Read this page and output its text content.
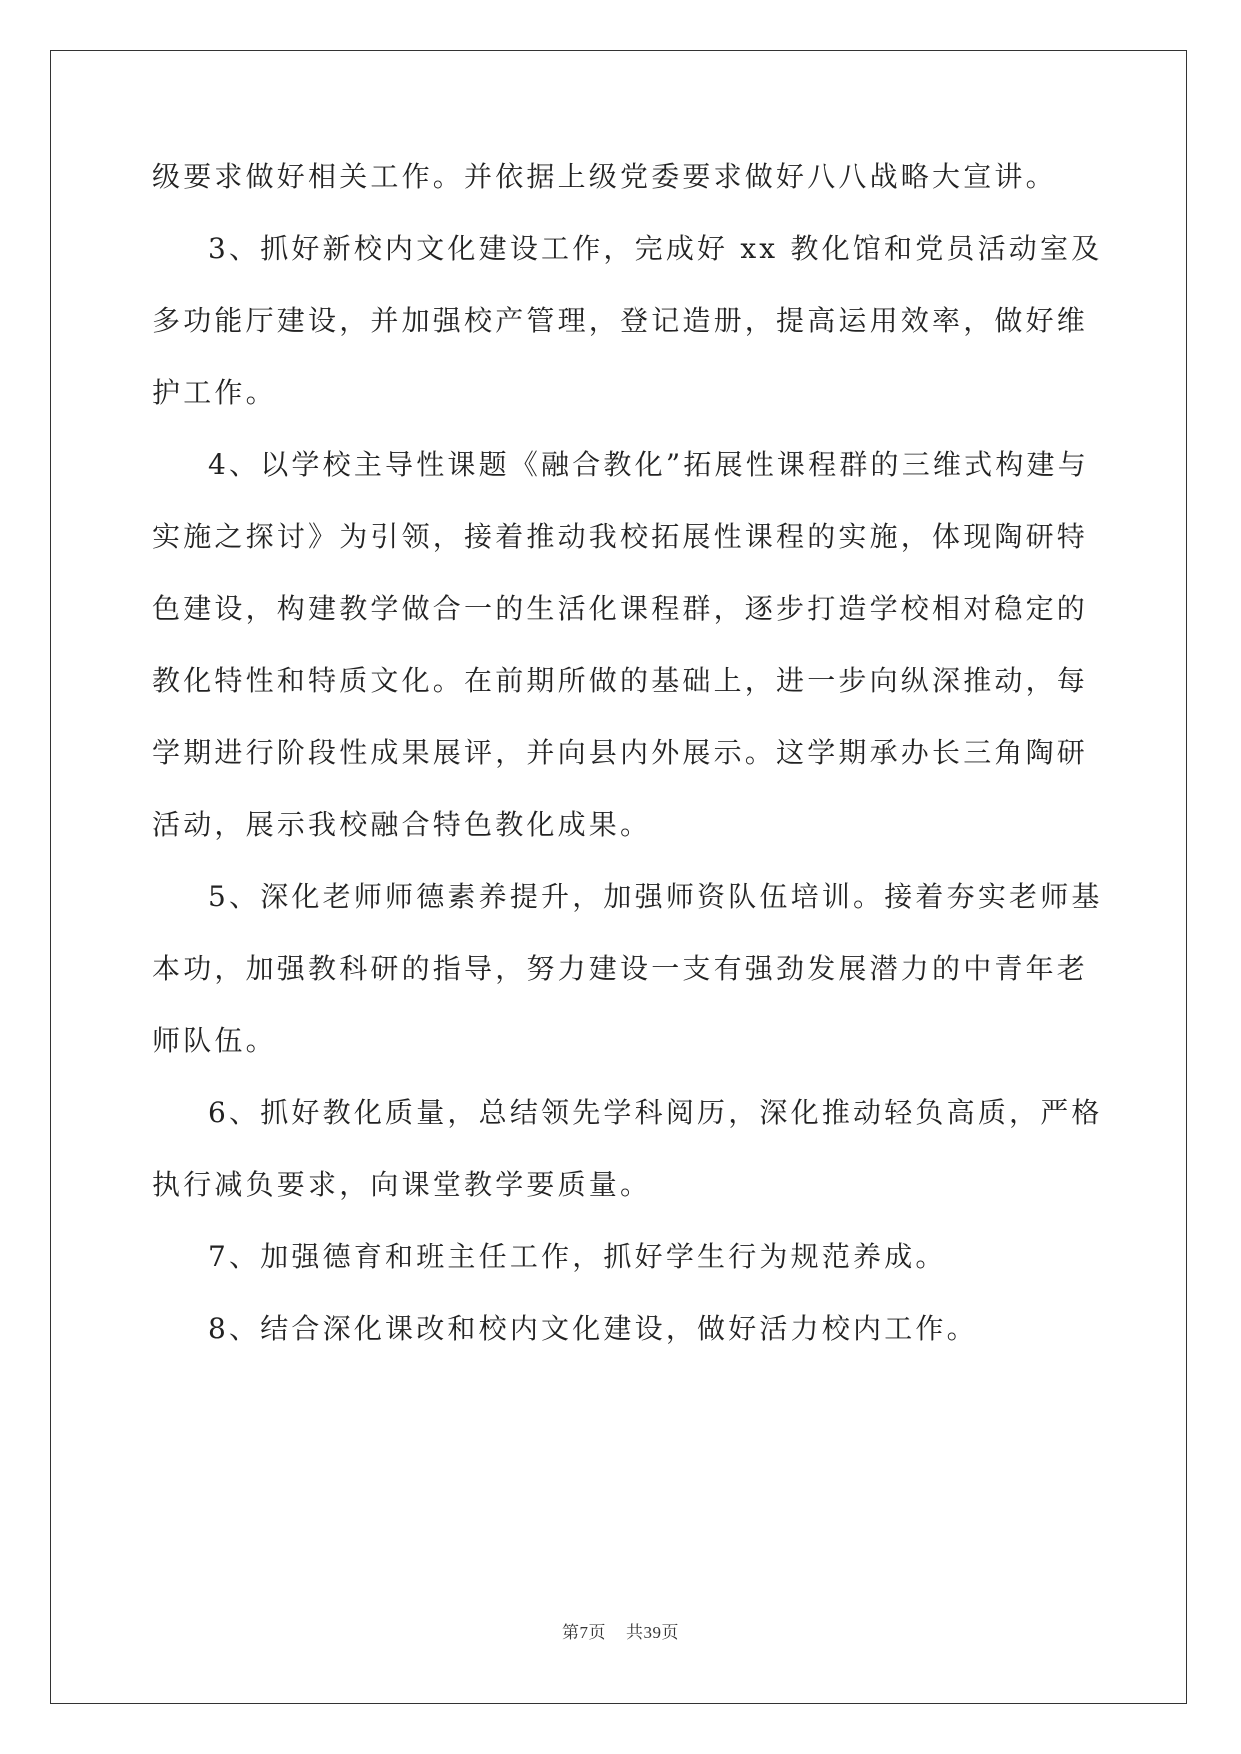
级要求做好相关工作。并依据上级党委要求做好八八战略大宣讲。
3、抓好新校内文化建设工作，完成好 xx 教化馆和党员活动室及
多功能厅建设，并加强校产管理，登记造册，提高运用效率，做好维
护工作。
4、以学校主导性课题《融合教化”拓展性课程群的三维式构建与
实施之探讨》为引领，接着推动我校拓展性课程的实施，体现陶研特
色建设，构建教学做合一的生活化课程群，逐步打造学校相对稳定的
教化特性和特质文化。在前期所做的基础上，进一步向纵深推动，每
学期进行阶段性成果展评，并向县内外展示。这学期承办长三角陶研
活动，展示我校融合特色教化成果。
5、深化老师师德素养提升，加强师资队伍培训。接着夯实老师基
本功，加强教科研的指导，努力建设一支有强劲发展潜力的中青年老
师队伍。
6、抓好教化质量，总结领先学科阅历，深化推动轻负高质，严格
执行减负要求，向课堂教学要质量。
7、加强德育和班主任工作，抓好学生行为规范养成。
8、结合深化课改和校内文化建设，做好活力校内工作。
第7页 共39页
